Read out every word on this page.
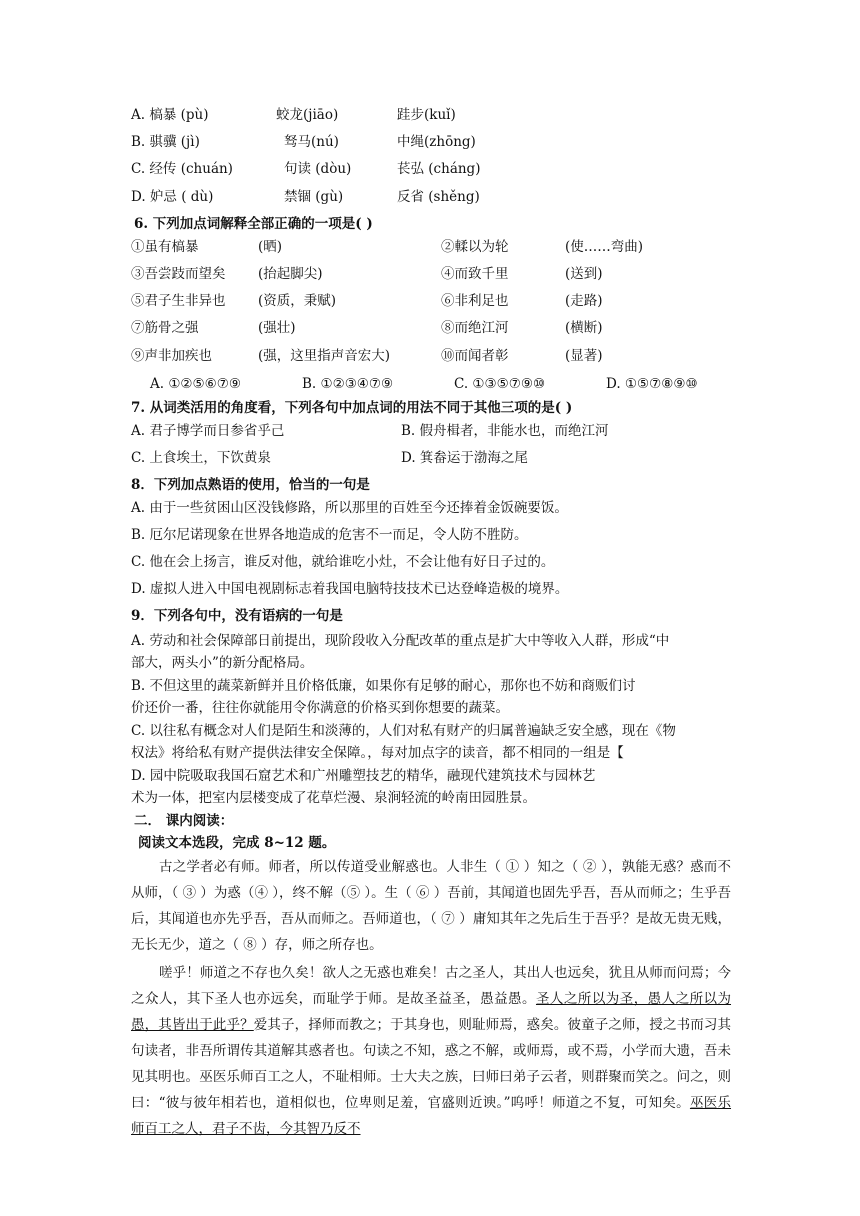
A. 槁暴 (pù)	蛟龙(jiāo)	跬步(kuǐ)
B. 骐骥 (jì)	驽马(nú)	中绳(zhōng)
C. 经传 (chuán)	句读 (dòu)	苌弘 (cháng)
D. 妒忌 ( dù)	禁锢 (gù)	反省 (shěng)
6. 下列加点词解释全部正确的一项是( )
①虽有槁暴	(晒)	②輮以为轮	(使……弯曲)
③吾尝跂而望矣 (抬起脚尖)	④而致千里	(送到)
⑤君子生非异也 (资质，秉赋)	⑥非利足也	(走路)
⑦筋骨之强	(强壮)	⑧而绝江河	(横断)
⑨声非加疾也	(强，这里指声音宏大)	⑩而闻者彰	(显著)
A. ①②⑤⑥⑦⑨	B. ①②③④⑦⑨	C. ①③⑤⑦⑨⑩	D. ①⑤⑦⑧⑨⑩
7. 从词类活用的角度看，下列各句中加点词的用法不同于其他三项的是( )
A. 君子博学而日参省乎己	B. 假舟楫者，非能水也，而绝江河
C. 上食埃土，下饮黄泉	D. 箕畚运于渤海之尾
8．下列加点熟语的使用，恰当的一句是
A. 由于一些贫困山区没钱修路，所以那里的百姓至今还捧着金饭碗要饭。
B. 厄尔尼诺现象在世界各地造成的危害不一而足，令人防不胜防。
C. 他在会上扬言，谁反对他，就给谁吃小灶，不会让他有好日子过的。
D. 虚拟人进入中国电视剧标志着我国电脑特技技术已达登峰造极的境界。
9．下列各句中，没有语病的一句是
A. 劳动和社会保障部日前提出，现阶段收入分配改革的重点是扩大中等收入人群，形成“中
部大，两头小”的新分配格局。
B. 不但这里的蔬菜新鲜并且价格低廉，如果你有足够的耐心，那你也不妨和商贩们讨
价还价一番，往往你就能用令你满意的价格买到你想要的蔬菜。
C. 以往私有概念对人们是陌生和淡薄的，人们对私有财产的归属普遍缺乏安全感，现在《物
权法》将给私有财产提供法律安全保障。，每对加点字的读音，都不相同的一组是【
D. 园中院吸取我国石窟艺术和广州雕塑技艺的精华，融现代建筑技术与园林艺
术为一体，把室内层楼变成了花草烂漫、泉涧轻流的岭南田园胜景。
二． 课内阅读：
阅读文本选段，完成 8~12 题。

古之学者必有师。师者，所以传道受业解惑也。人非生（ ① ）知之（ ② ），孰能无惑？惑而不从师，（ ③ ）为惑（④ ），终不解（⑤ ）。生（ ⑥ ）吾前，其闻道也固先乎吾，吾从而师之；生乎吾后，其闻道也亦先乎吾，吾从而师之。吾师道也，（ ⑦ ）庸知其年之先后生于吾乎？是故无贵无贱，无长无少，道之（ ⑧ ）存，师之所存也。

嗟乎！师道之不存也久矣！欲人之无惑也难矣！古之圣人，其出人也远矣，犹且从师而问焉；今之众人，其下圣人也亦远矣，而耻学于师。是故圣益圣，愚益愚。圣人之所以为圣，愚人之所以为愚，其皆出于此乎？爱其子，择师而教之；于其身也，则耻师焉，惑矣。彼童子之师，授之书而习其句读者，非吾所谓传其道解其惑者也。句读之不知，惑之不解，或师焉，或不焉，小学而大遗，吾未见其明也。巫医乐师百工之人，不耻相师。士大夫之族，曰师曰弟子云者，则群聚而笑之。问之，则曰：“彼与彼年相若也，道相似也，位卑则足羞，官盛则近谀。”呜呼！师道之不复，可知矣。巫医乐师百工之人，君子不齿，今其智乃反不
